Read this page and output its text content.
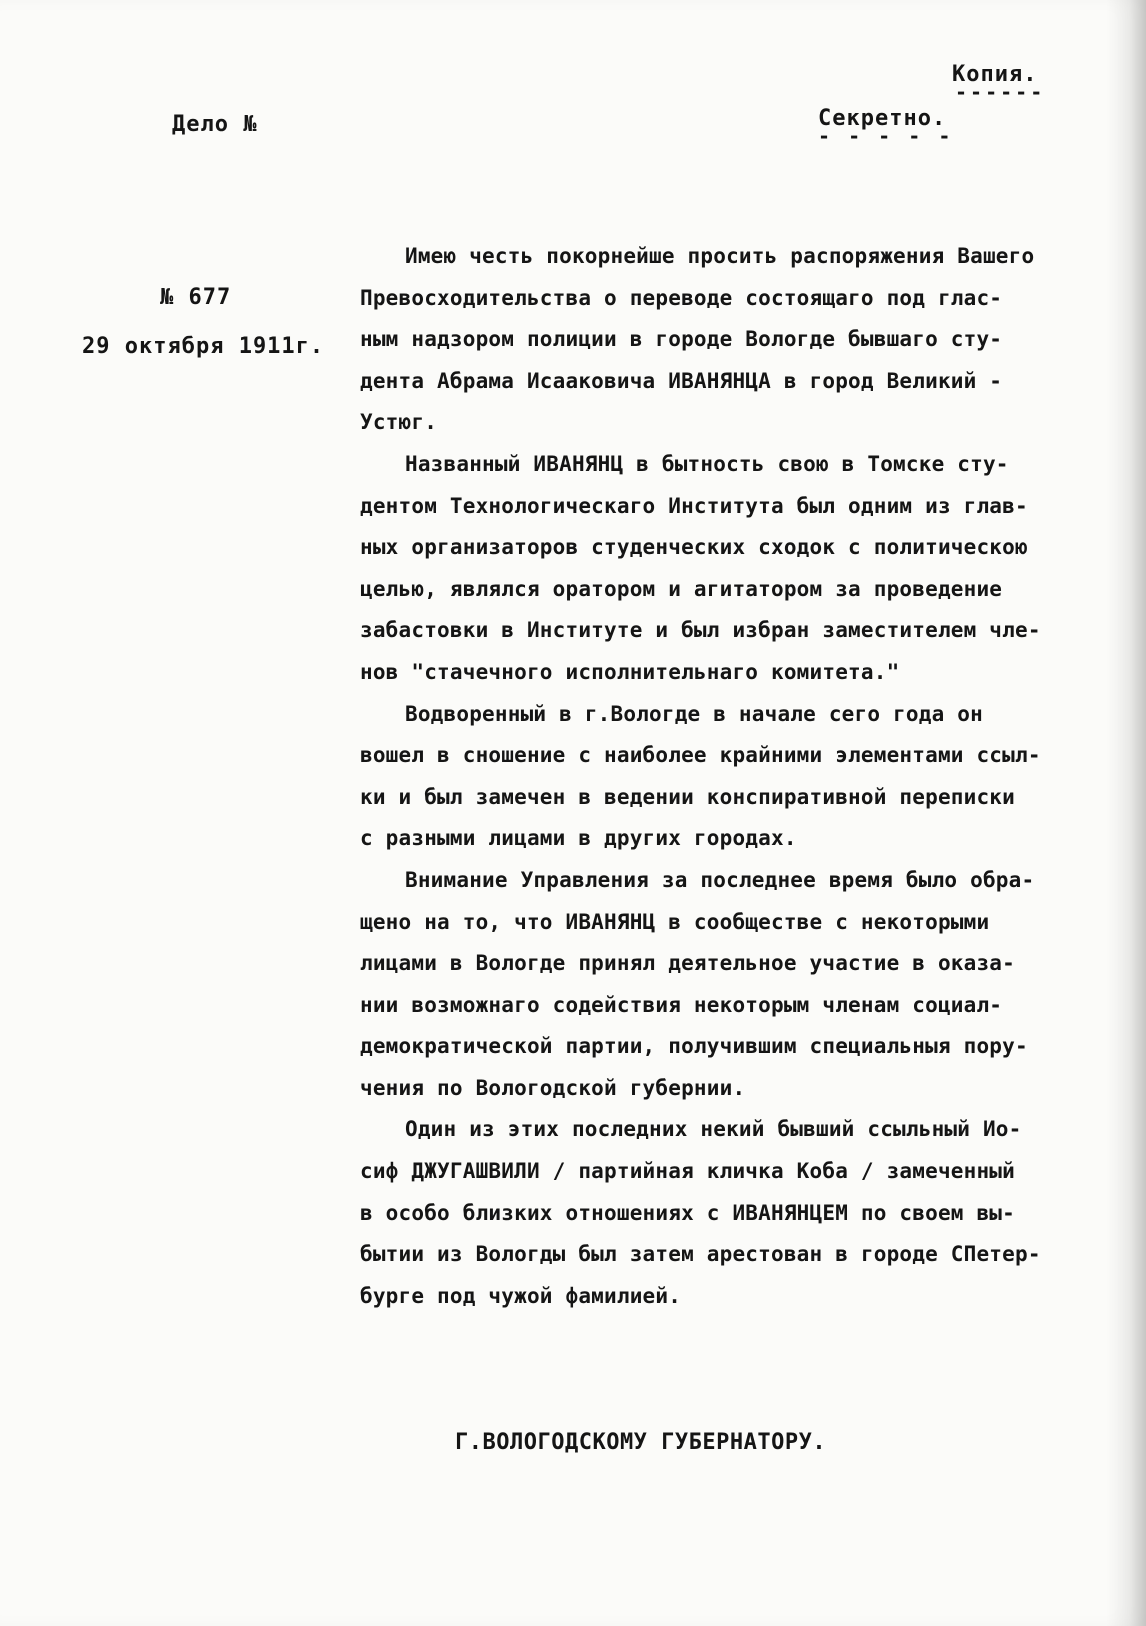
Копия.
------
Дело №	Секретно.
- - - - -
№ 677
29 октября 1911г.
Имею честь покорнейше просить распоряжения Вашего
Превосходительства о переводе состоящаго под глас-
ным надзором полиции в городе Вологде бывшаго сту-
дента Абрама Исааковича ИВАНЯНЦА в город Великий -
Устюг.
Названный ИВАНЯНЦ в бытность свою в Томске сту-
дентом Технологическаго Института был одним из глав-
ных организаторов студенческих сходок с политическою
целью, являлся оратором и агитатором за проведение
забастовки в Институте и был избран заместителем чле-
нов "стачечного исполнительнаго комитета."
Водворенный в г.Вологде в начале сего года он
вошел в сношение с наиболее крайними элементами ссыл-
ки и был замечен в ведении конспиративной переписки
с разными лицами в других городах.
Внимание Управления за последнее время было обра-
щено на то, что ИВАНЯНЦ в сообществе с некоторыми
лицами в Вологде принял деятельное участие в оказа-
нии возможнаго содействия некоторым членам социал-
демократической партии, получившим специальныя пору-
чения по Вологодской губернии.
Один из этих последних некий бывший ссыльный Ио-
сиф ДЖУГАШВИЛИ / партийная кличка Коба / замеченный
в особо близких отношениях с ИВАНЯНЦЕМ по своем вы-
бытии из Вологды был затем арестован в городе СПетер-
бурге под чужой фамилией.
Г.ВОЛОГОДСКОМУ ГУБЕРНАТОРУ.
